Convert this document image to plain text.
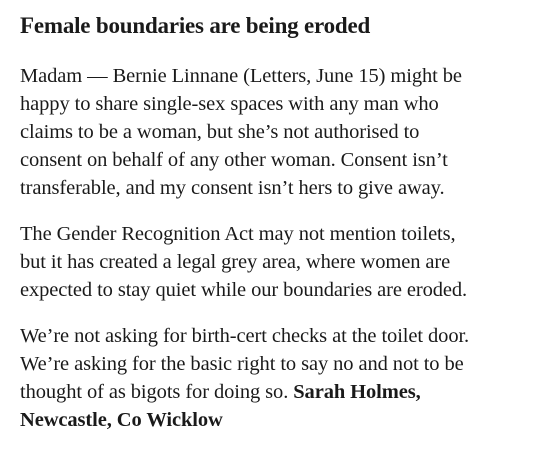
Female boundaries are being eroded

Madam — Bernie Linnane (Letters, June 15) might be
happy to share single-sex spaces with any man who
claims to be a woman, but she’s not authorised to
consent on behalf of any other woman. Consent isn’t
transferable, and my consent isn’t hers to give away.

The Gender Recognition Act may not mention toilets,
but it has created a legal grey area, where women are
expected to stay quiet while our boundaries are eroded.

We’re not asking for birth-cert checks at the toilet door.
We’re asking for the basic right to say no and not to be
thought of as bigots for doing so. Sarah Holmes,
Newcastle, Co Wicklow
